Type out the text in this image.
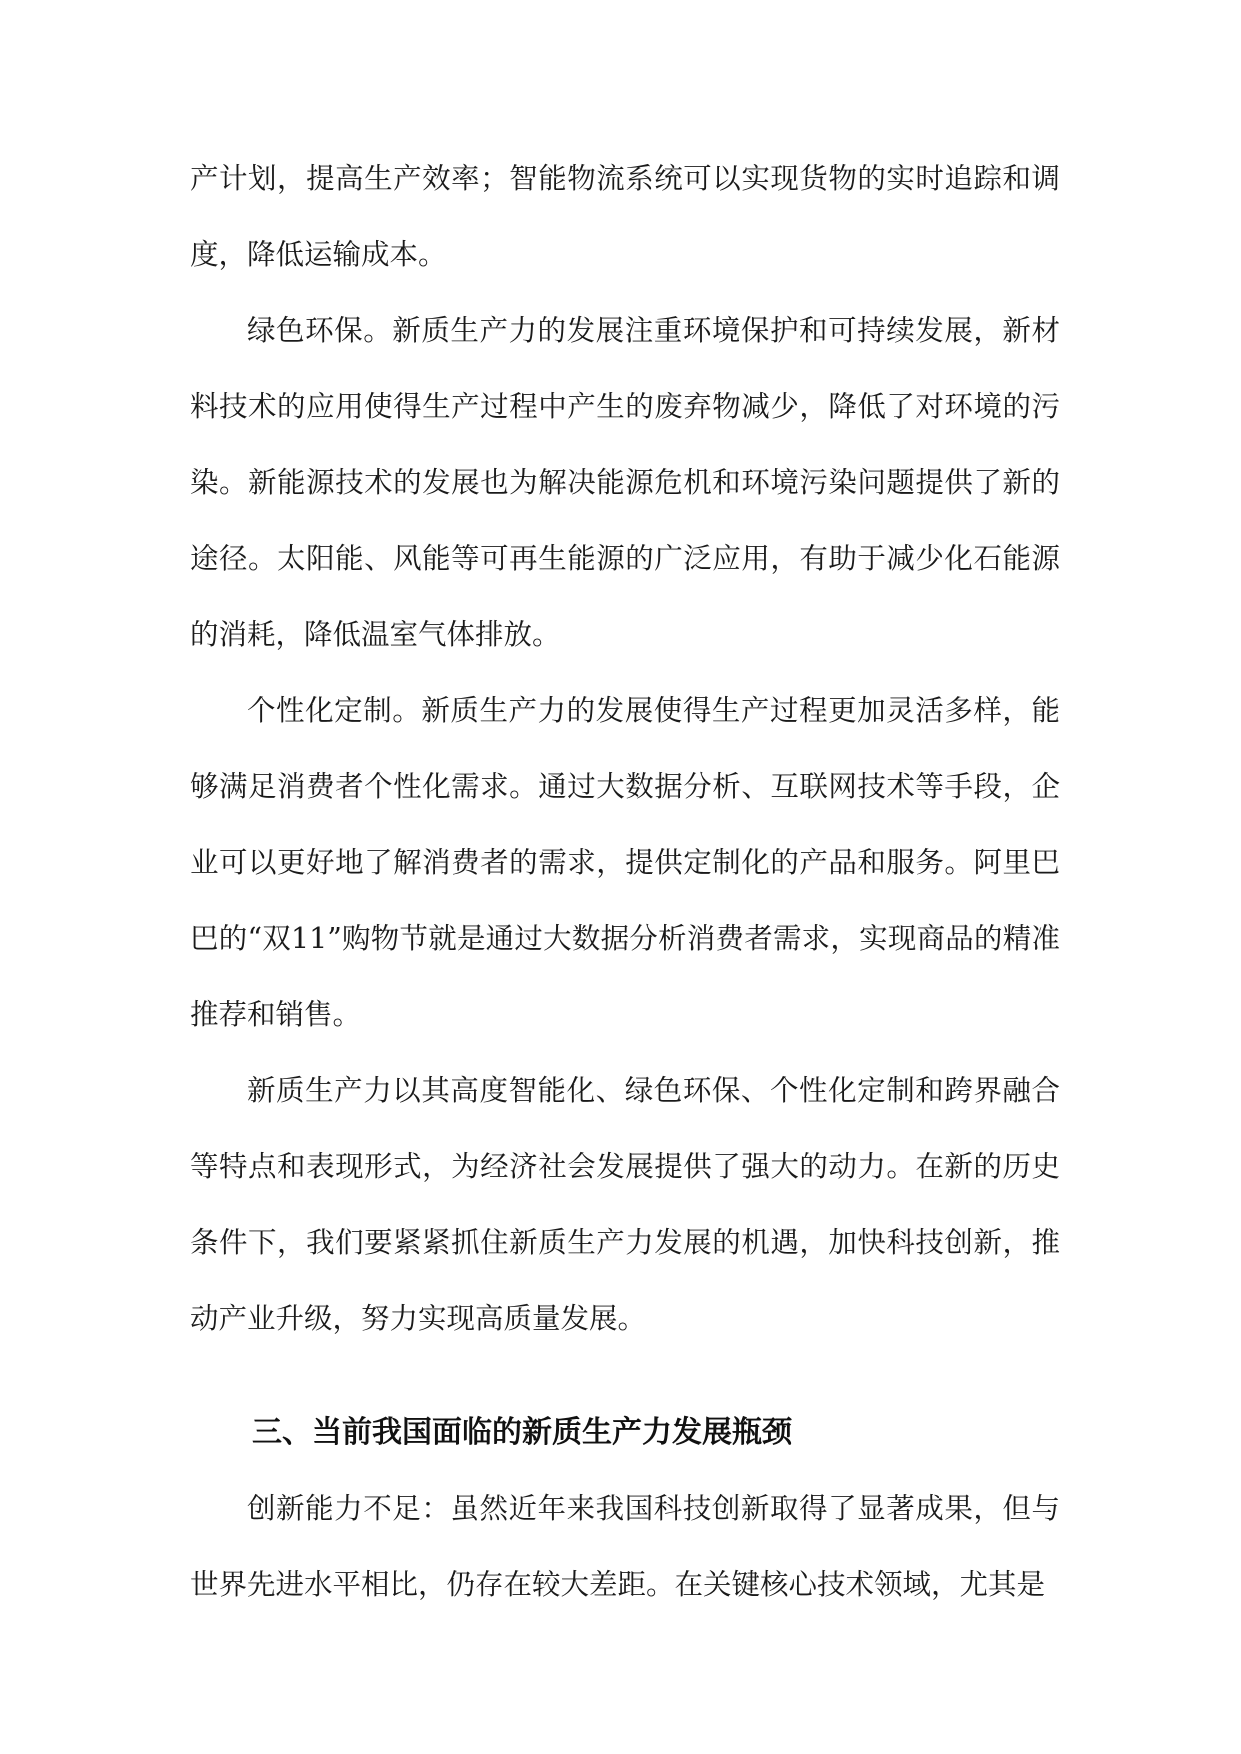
产计划，提高生产效率；智能物流系统可以实现货物的实时追踪和调度，降低运输成本。

绿色环保。新质生产力的发展注重环境保护和可持续发展，新材料技术的应用使得生产过程中产生的废弃物减少，降低了对环境的污染。新能源技术的发展也为解决能源危机和环境污染问题提供了新的途径。太阳能、风能等可再生能源的广泛应用，有助于减少化石能源的消耗，降低温室气体排放。

个性化定制。新质生产力的发展使得生产过程更加灵活多样，能够满足消费者个性化需求。通过大数据分析、互联网技术等手段，企业可以更好地了解消费者的需求，提供定制化的产品和服务。阿里巴巴的“双11”购物节就是通过大数据分析消费者需求，实现商品的精准推荐和销售。

新质生产力以其高度智能化、绿色环保、个性化定制和跨界融合等特点和表现形式，为经济社会发展提供了强大的动力。在新的历史条件下，我们要紧紧抓住新质生产力发展的机遇，加快科技创新，推动产业升级，努力实现高质量发展。

三、当前我国面临的新质生产力发展瓶颈

创新能力不足：虽然近年来我国科技创新取得了显著成果，但与世界先进水平相比，仍存在较大差距。在关键核心技术领域，尤其是
